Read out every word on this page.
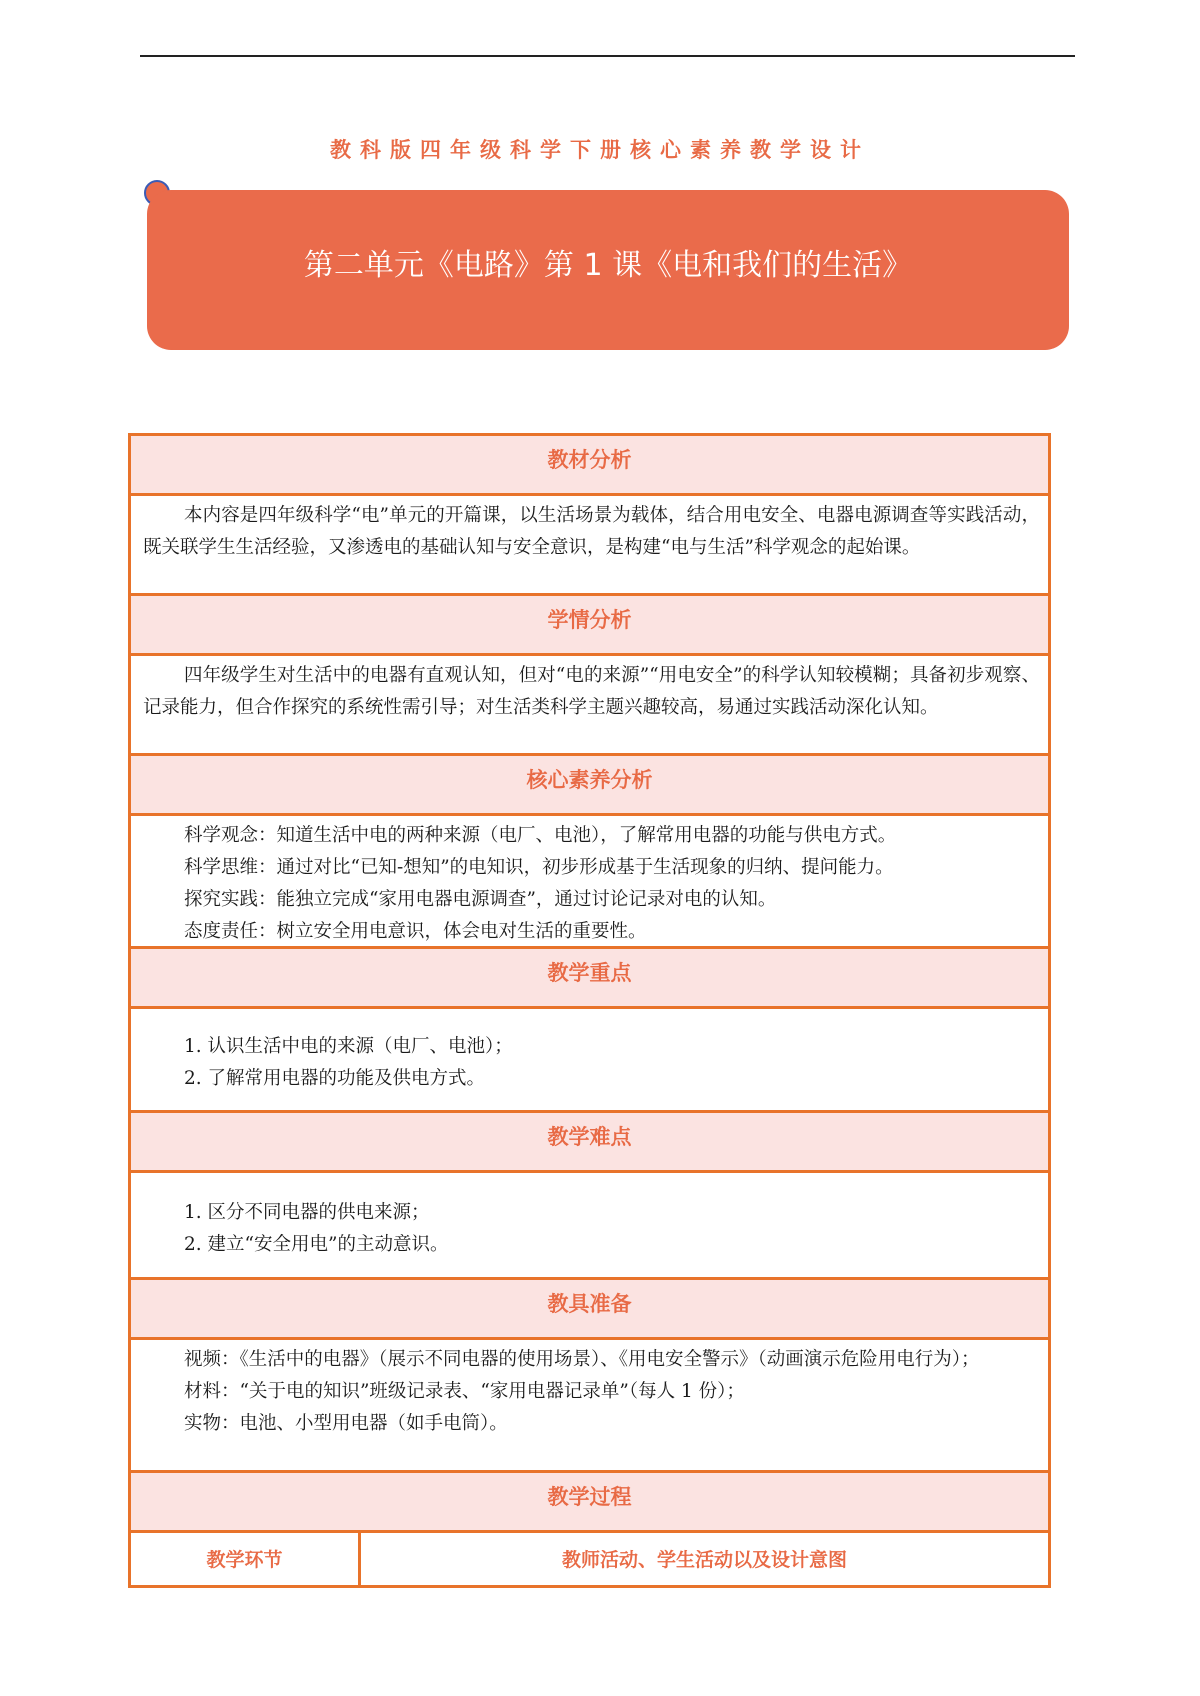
教科版四年级科学下册核心素养教学设计
第二单元《电路》第 1 课《电和我们的生活》
教材分析

本内容是四年级科学“电”单元的开篇课，以生活场景为载体，结合用电安全、电器电源调查等实践活动，既关联学生生活经验，又渗透电的基础认知与安全意识，是构建“电与生活”科学观念的起始课。

学情分析

四年级学生对生活中的电器有直观认知，但对“电的来源”“用电安全”的科学认知较模糊；具备初步观察、记录能力，但合作探究的系统性需引导；对生活类科学主题兴趣较高，易通过实践活动深化认知。

核心素养分析

科学观念：知道生活中电的两种来源（电厂、电池），了解常用电器的功能与供电方式。

科学思维：通过对比“已知-想知”的电知识，初步形成基于生活现象的归纳、提问能力。

探究实践：能独立完成“家用电器电源调查”，通过讨论记录对电的认知。

态度责任：树立安全用电意识，体会电对生活的重要性。

教学重点

1. 认识生活中电的来源（电厂、电池）；

2. 了解常用电器的功能及供电方式。

教学难点

1. 区分不同电器的供电来源；

2. 建立“安全用电”的主动意识。

教具准备

视频：《生活中的电器》（展示不同电器的使用场景）、《用电安全警示》（动画演示危险用电行为）；

材料：“关于电的知识”班级记录表、“家用电器记录单”（每人 1 份）；

实物：电池、小型用电器（如手电筒）。

教学过程
教学环节	教师活动、学生活动以及设计意图
